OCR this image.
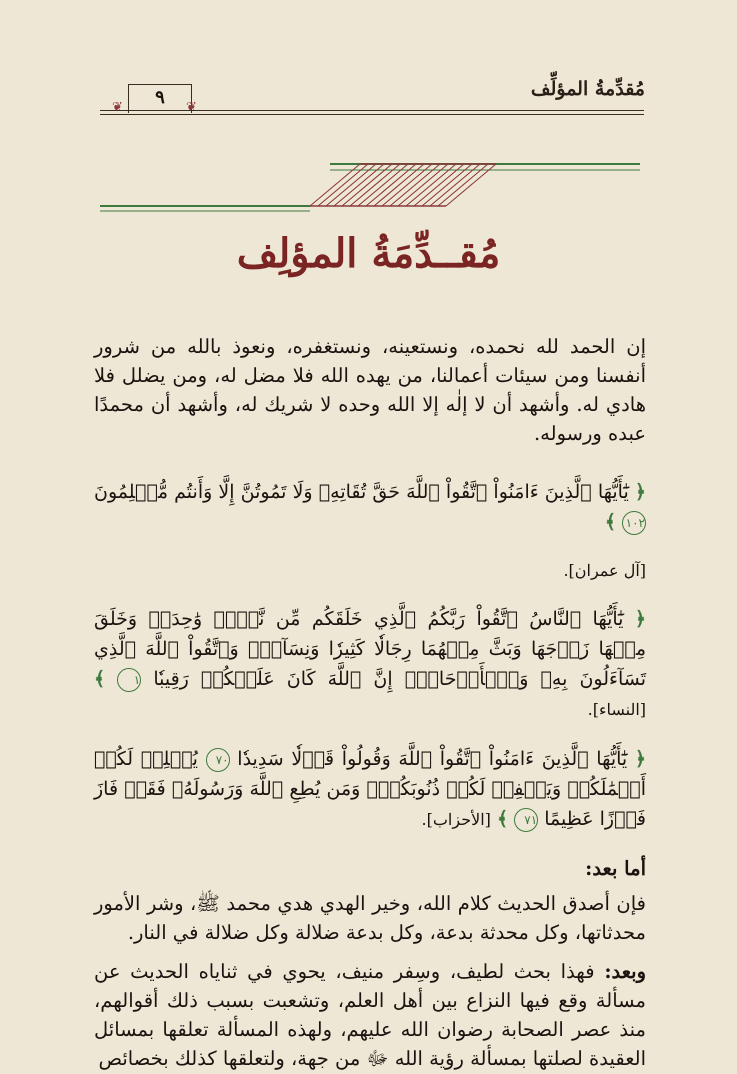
مُقدِّمةُ المؤلِّف
❦	٩	❦
مُقــدِّمَةُ المؤلِف

إن الحمد لله نحمده، ونستعينه، ونستغفره، ونعوذ بالله من شرور أنفسنا ومن سيئات أعمالنا، من يهده الله فلا مضل له، ومن يضلل فلا هادي له. وأشهد أن لا إلٰه إلا الله وحده لا شريك له، وأشهد أن محمدًا عبده ورسوله.

﴿ يَٰٓأَيُّهَا ٱلَّذِينَ ءَامَنُواْ ٱتَّقُواْ ٱللَّهَ حَقَّ تُقَاتِهِۦ وَلَا تَمُوتُنَّ إِلَّا وَأَنتُم مُّسۡلِمُونَ ١٠٢ ﴾

[آل عمران].

﴿ يَٰٓأَيُّهَا ٱلنَّاسُ ٱتَّقُواْ رَبَّكُمُ ٱلَّذِي خَلَقَكُم مِّن نَّفۡسٖ وَٰحِدَةٖ وَخَلَقَ مِنۡهَا زَوۡجَهَا وَبَثَّ مِنۡهُمَا رِجَالٗا كَثِيرٗا وَنِسَآءٗۚ وَٱتَّقُواْ ٱللَّهَ ٱلَّذِي تَسَآءَلُونَ بِهِۦ وَٱلۡأَرۡحَامَۚ إِنَّ ٱللَّهَ كَانَ عَلَيۡكُمۡ رَقِيبٗا ١ ﴾ [النساء].

﴿ يَٰٓأَيُّهَا ٱلَّذِينَ ءَامَنُواْ ٱتَّقُواْ ٱللَّهَ وَقُولُواْ قَوۡلٗا سَدِيدٗا ٧٠ يُصۡلِحۡ لَكُمۡ أَعۡمَٰلَكُمۡ وَيَغۡفِرۡ لَكُمۡ ذُنُوبَكُمۡۗ وَمَن يُطِعِ ٱللَّهَ وَرَسُولَهُۥ فَقَدۡ فَازَ فَوۡزًا عَظِيمًا ٧١ ﴾ [الأحزاب].

أما بعد:

فإن أصدق الحديث كلام الله، وخير الهدي هدي محمد ﷺ، وشر الأمور محدثاتها، وكل محدثة بدعة، وكل بدعة ضلالة وكل ضلالة في النار.

وبعد: فهذا بحث لطيف، وسِفر منيف، يحوي في ثناياه الحديث عن مسألة وقع فيها النزاع بين أهل العلم، وتشعبت بسبب ذلك أقوالهم، منذ عصر الصحابة رضوان الله عليهم، ولهذه المسألة تعلقها بمسائل العقيدة لصلتها بمسألة رؤية الله ﷻ من جهة، ولتعلقها كذلك بخصائص
